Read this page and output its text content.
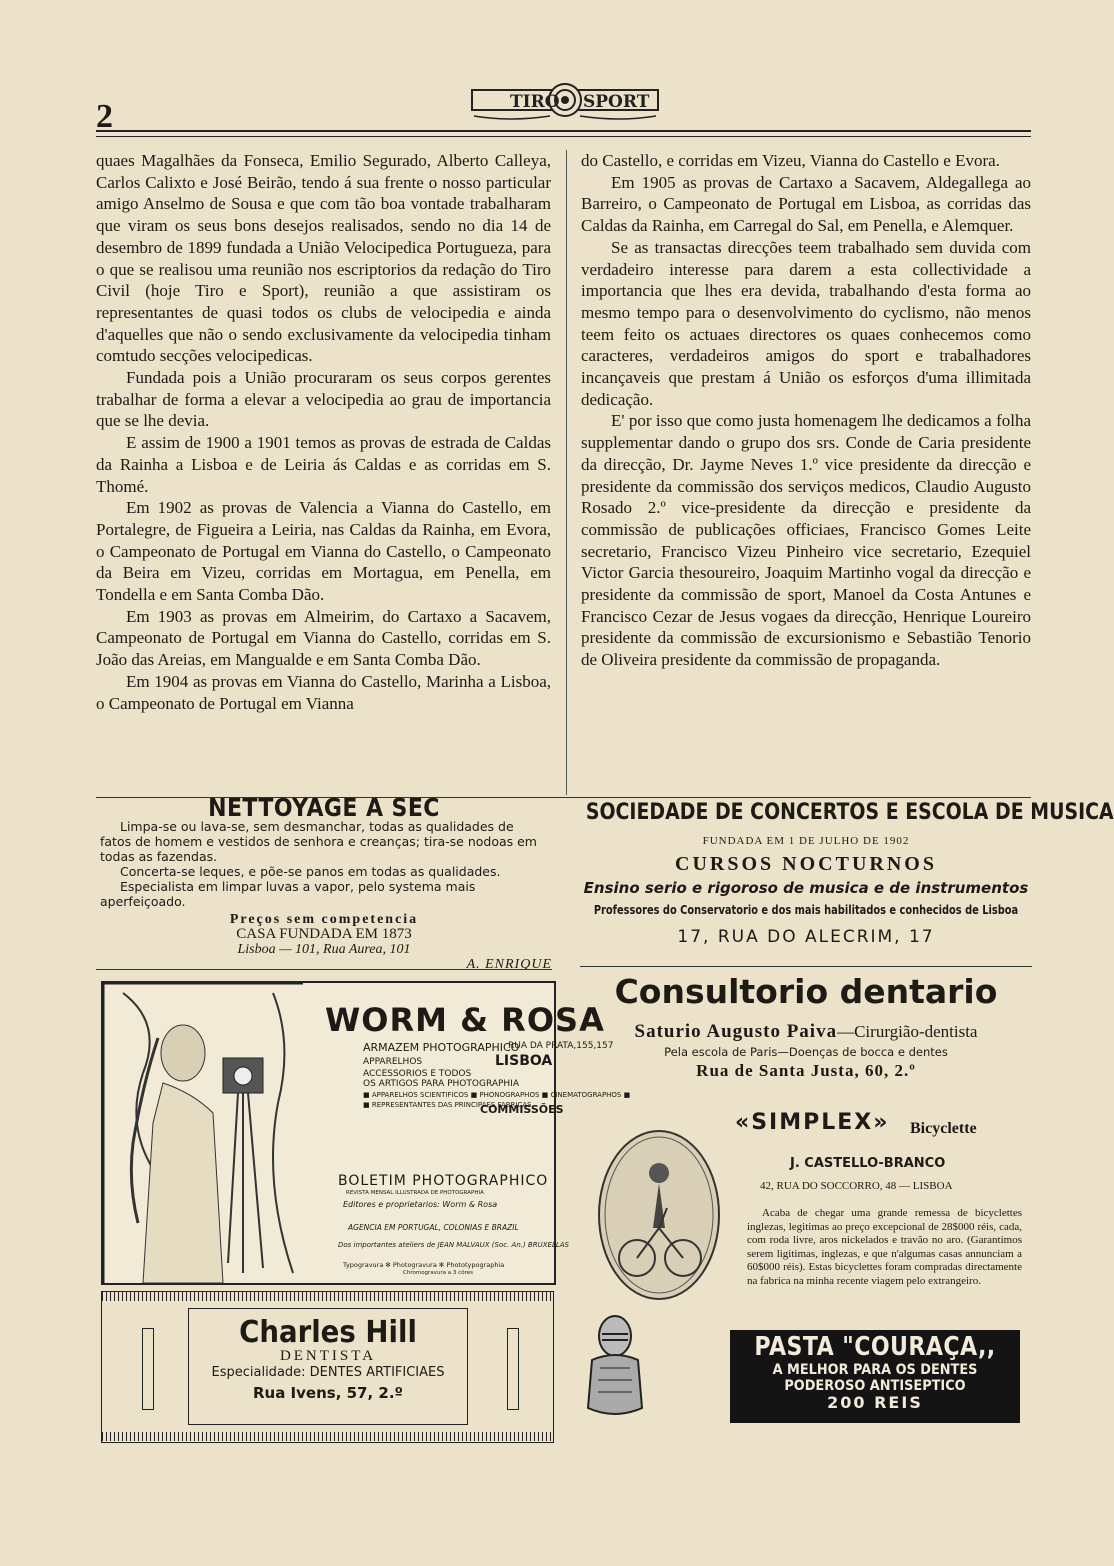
2	TIRO SPORT

quaes Magalhães da Fonseca, Emilio Segurado, Alberto Calleya, Carlos Calixto e José Beirão, tendo á sua frente o nosso particular amigo Anselmo de Sousa e que com tão boa vontade trabalharam que viram os seus bons desejos realisados, sendo no dia 14 de desembro de 1899 fundada a União Velocipedica Portugueza, para o que se realisou uma reunião nos escriptorios da redação do Tiro Civil (hoje Tiro e Sport), reunião a que assistiram os representantes de quasi todos os clubs de velocipedia e ainda d'aquelles que não o sendo exclusivamente da velocipedia tinham comtudo secções velocipedicas.

Fundada pois a União procuraram os seus corpos gerentes trabalhar de forma a elevar a velocipedia ao grau de importancia que se lhe devia.

E assim de 1900 a 1901 temos as provas de estrada de Caldas da Rainha a Lisboa e de Leiria ás Caldas e as corridas em S. Thomé.

Em 1902 as provas de Valencia a Vianna do Castello, em Portalegre, de Figueira a Leiria, nas Caldas da Rainha, em Evora, o Campeonato de Portugal em Vianna do Castello, o Campeonato da Beira em Vizeu, corridas em Mortagua, em Penella, em Tondella e em Santa Comba Dão.

Em 1903 as provas em Almeirim, do Cartaxo a Sacavem, Campeonato de Portugal em Vianna do Castello, corridas em S. João das Areias, em Mangualde e em Santa Comba Dão.

Em 1904 as provas em Vianna do Castello, Marinha a Lisboa, o Campeonato de Portugal em Vianna

do Castello, e corridas em Vizeu, Vianna do Castello e Evora.

Em 1905 as provas de Cartaxo a Sacavem, Aldegallega ao Barreiro, o Campeonato de Portugal em Lisboa, as corridas das Caldas da Rainha, em Carregal do Sal, em Penella, e Alemquer.

Se as transactas direcções teem trabalhado sem duvida com verdadeiro interesse para darem a esta collectividade a importancia que lhes era devida, trabalhando d'esta forma ao mesmo tempo para o desenvolvimento do cyclismo, não menos teem feito os actuaes directores os quaes conhecemos como caracteres, verdadeiros amigos do sport e trabalhadores incançaveis que prestam á União os esforços d'uma illimitada dedicação.

E' por isso que como justa homenagem lhe dedicamos a folha supplementar dando o grupo dos srs. Conde de Caria presidente da direcção, Dr. Jayme Neves 1.º vice presidente da direcção e presidente da commissão dos serviços medicos, Claudio Augusto Rosado 2.º vice-presidente da direcção e presidente da commissão de publicações officiaes, Francisco Gomes Leite secretario, Francisco Vizeu Pinheiro vice secretario, Ezequiel Victor Garcia thesoureiro, Joaquim Martinho vogal da direcção e presidente da commissão de sport, Manoel da Costa Antunes e Francisco Cezar de Jesus vogaes da direcção, Henrique Loureiro presidente da commissão de excursionismo e Sebastião Tenorio de Oliveira presidente da commissão de propaganda.

NETTOYAGE A SEC
Limpa-se ou lava-se, sem desmanchar, todas as qualidades de fatos de homem e vestidos de senhora e creanças; tira-se nodoas em todas as fazendas.
Concerta-se leques, e põe-se panos em todas as qualidades.
Especialista em limpar luvas a vapor, pelo systema mais aperfeiçoado.
Preços sem competencia
CASA FUNDADA EM 1873
Lisboa — 101, Rua Aurea, 101
A. ENRIQUE
SOCIEDADE DE CONCERTOS E ESCOLA DE MUSICA
FUNDADA EM 1 DE JULHO DE 1902
CURSOS NOCTURNOS
Ensino serio e rigoroso de musica e de instrumentos
Professores do Conservatorio e dos mais habilitados e conhecidos de Lisboa
17, RUA DO ALECRIM, 17
Consultorio dentario
Saturio Augusto Paiva—Cirurgião-dentista
Pela escola de Paris—Doenças de bocca e dentes
Rua de Santa Justa, 60, 2.º
WORM & ROSA
ARMAZEM PHOTOGRAPHICO
RUA DA PRATA,155,157
LISBOA
APPARELHOS
ACCESSORIOS E TODOS
OS ARTIGOS PARA PHOTOGRAPHIA
■ APPARELHOS SCIENTIFICOS ■ PHONOGRAPHOS ■ CINEMATOGRAPHOS ■
■ REPRESENTANTES DAS PRINCIPAES FABRICAS
COMMISSÕES
BOLETIM PHOTOGRAPHICO
REVISTA MENSAL ILLUSTRADA DE PHOTOGRAPHIA
Editores e proprietarios: Worm & Rosa
AGENCIA EM PORTUGAL, COLONIAS E BRAZIL
Dos importantes ateliers de JEAN MALVAUX (Soc. An.) BRUXELLAS
Typogravura ✻ Photogravura ✻ Phototypographia
Chromogravura a 3 côres
Charles Hill
DENTISTA
Especialidade: DENTES ARTIFICIAES
Rua Ivens, 57, 2.º
«SIMPLEX» Bicyclette
J. CASTELLO-BRANCO
42, RUA DO SOCCORRO, 48 — LISBOA
Acaba de chegar uma grande remessa de bicyclettes inglezas, legitimas ao preço excepcional de 28$000 réis, cada, com roda livre, aros nickelados e travão no aro. (Garantimos serem ligitimas, inglezas, e que n'algumas casas annunciam a 60$000 réis). Estas bicyclettes foram compradas directamente na fabrica na minha recente viagem pelo extrangeiro.
PASTA "COURAÇA,,
A MELHOR PARA OS DENTES
PODEROSO ANTISEPTICO
200 REIS
